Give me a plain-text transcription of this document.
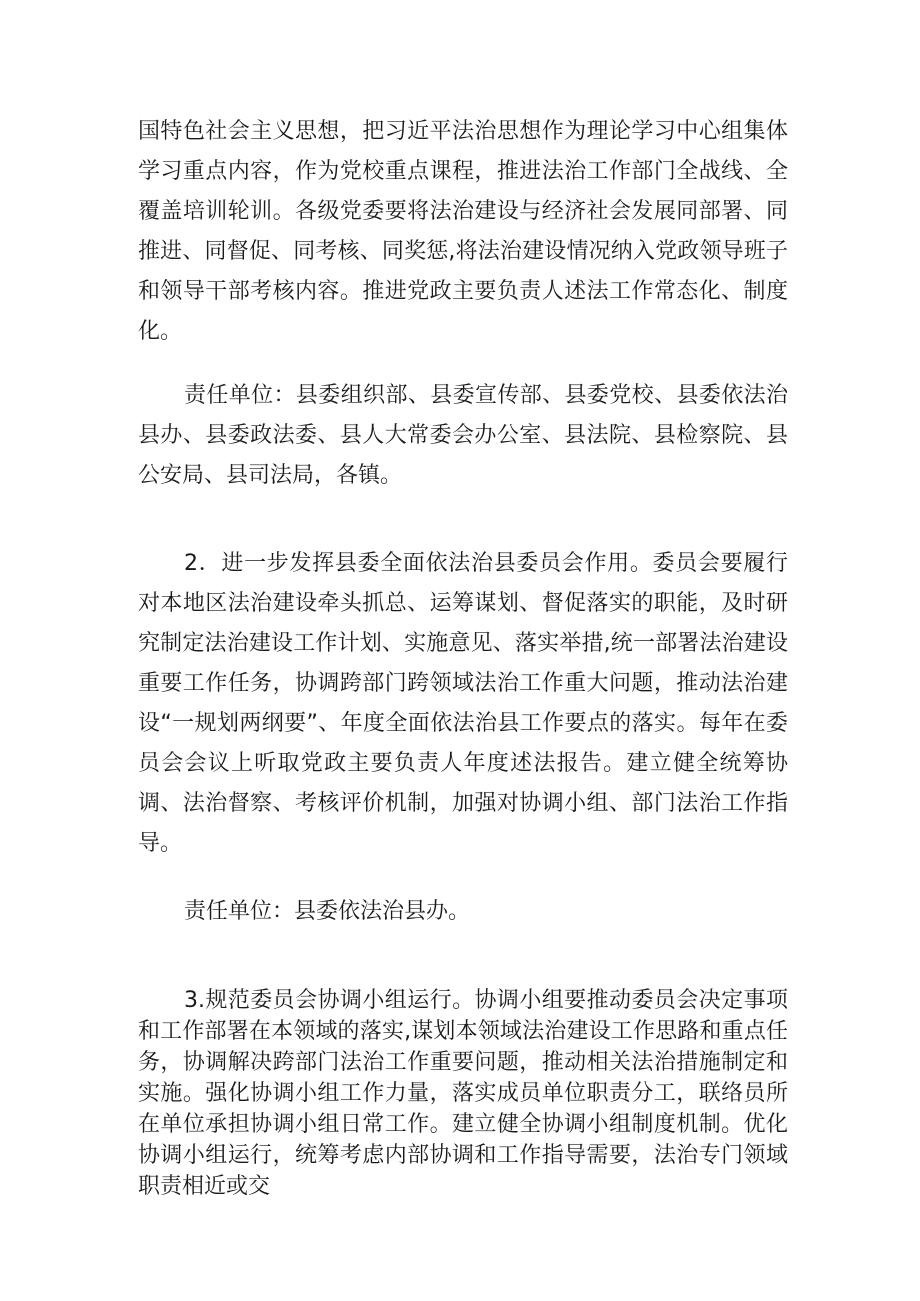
国特色社会主义思想，把习近平法治思想作为理论学习中心组集体学习重点内容，作为党校重点课程，推进法治工作部门全战线、全覆盖培训轮训。各级党委要将法治建设与经济社会发展同部署、同推进、同督促、同考核、同奖惩,将法治建设情况纳入党政领导班子和领导干部考核内容。推进党政主要负责人述法工作常态化、制度化。

责任单位：县委组织部、县委宣传部、县委党校、县委依法治县办、县委政法委、县人大常委会办公室、县法院、县检察院、县公安局、县司法局，各镇。

2．进一步发挥县委全面依法治县委员会作用。委员会要履行对本地区法治建设牵头抓总、运筹谋划、督促落实的职能，及时研究制定法治建设工作计划、实施意见、落实举措,统一部署法治建设重要工作任务，协调跨部门跨领域法治工作重大问题，推动法治建设“一规划两纲要”、年度全面依法治县工作要点的落实。每年在委员会会议上听取党政主要负责人年度述法报告。建立健全统筹协调、法治督察、考核评价机制，加强对协调小组、部门法治工作指导。

责任单位：县委依法治县办。

3.规范委员会协调小组运行。协调小组要推动委员会决定事项和工作部署在本领域的落实,谋划本领域法治建设工作思路和重点任务，协调解决跨部门法治工作重要问题，推动相关法治措施制定和实施。强化协调小组工作力量，落实成员单位职责分工，联络员所在单位承担协调小组日常工作。建立健全协调小组制度机制。优化协调小组运行，统筹考虑内部协调和工作指导需要，法治专门领域职责相近或交
